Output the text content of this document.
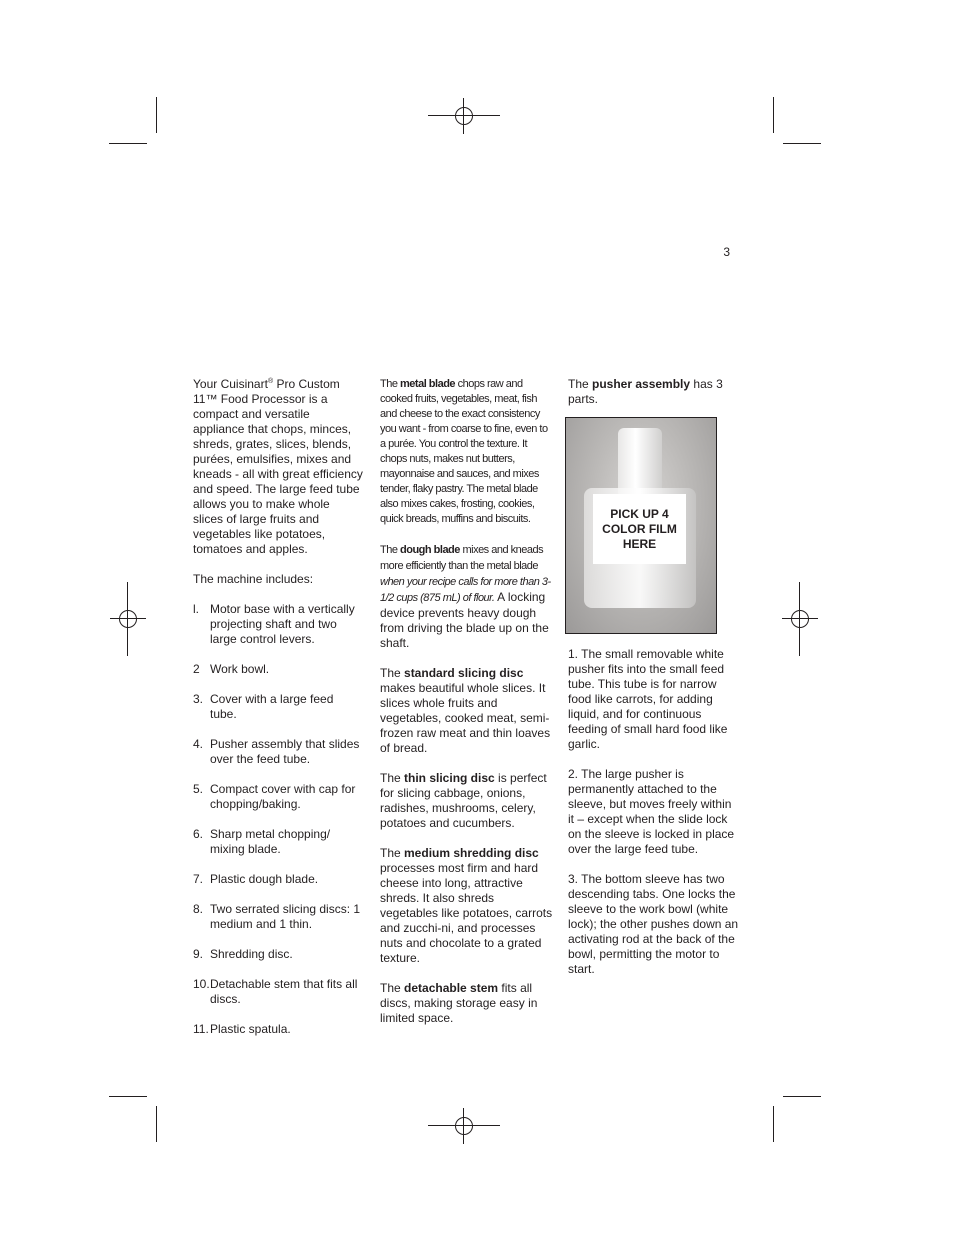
3

Your Cuisinart® Pro Custom 11™ Food Processor is a compact and versatile appliance that chops, minces, shreds, grates, slices, blends, purées, emulsifies, mixes and kneads - all with great efficiency and speed. The large feed tube allows you to make whole slices of large fruits and vegetables like potatoes, tomatoes and apples.

The machine includes:

l. Motor base with a vertically projecting shaft and two large control levers.
2 Work bowl.
3. Cover with a large feed tube.
4. Pusher assembly that slides over the feed tube.
5. Compact cover with cap for chopping/baking.
6. Sharp metal chopping/ mixing blade.
7. Plastic dough blade.
8. Two serrated slicing discs: 1 medium and 1 thin.
9. Shredding disc.
10. Detachable stem that fits all discs.
11. Plastic spatula.

The metal blade chops raw and cooked fruits, vegetables, meat, fish and cheese to the exact consistency you want - from coarse to fine, even to a purée. You control the texture. It chops nuts, makes nut butters, mayonnaise and sauces, and mixes tender, flaky pastry. The metal blade also mixes cakes, frosting, cookies, quick breads, muffins and biscuits.

The dough blade mixes and kneads more efficiently than the metal blade when your recipe calls for more than 3-1/2 cups (875 mL) of flour. A locking device prevents heavy dough from driving the blade up on the shaft.

The standard slicing disc makes beautiful whole slices. It slices whole fruits and vegetables, cooked meat, semi-frozen raw meat and thin loaves of bread.

The thin slicing disc is perfect for slicing cabbage, onions, radishes, mushrooms, celery, potatoes and cucumbers.

The medium shredding disc processes most firm and hard cheese into long, attractive shreds. It also shreds vegetables like potatoes, carrots and zucchi-ni, and processes nuts and chocolate to a grated texture.

The detachable stem fits all discs, making storage easy in limited space.

The pusher assembly has 3 parts.

1. The small removable white pusher fits into the small feed tube. This tube is for narrow food like carrots, for adding liquid, and for continuous feeding of small hard food like garlic.

2. The large pusher is permanently attached to the sleeve, but moves freely within it – except when the slide lock on the sleeve is locked in place over the large feed tube.

3. The bottom sleeve has two descending tabs. One locks the sleeve to the work bowl (white lock); the other pushes down an activating rod at the back of the bowl, permitting the motor to start.

PICK UP 4 COLOR FILM HERE
